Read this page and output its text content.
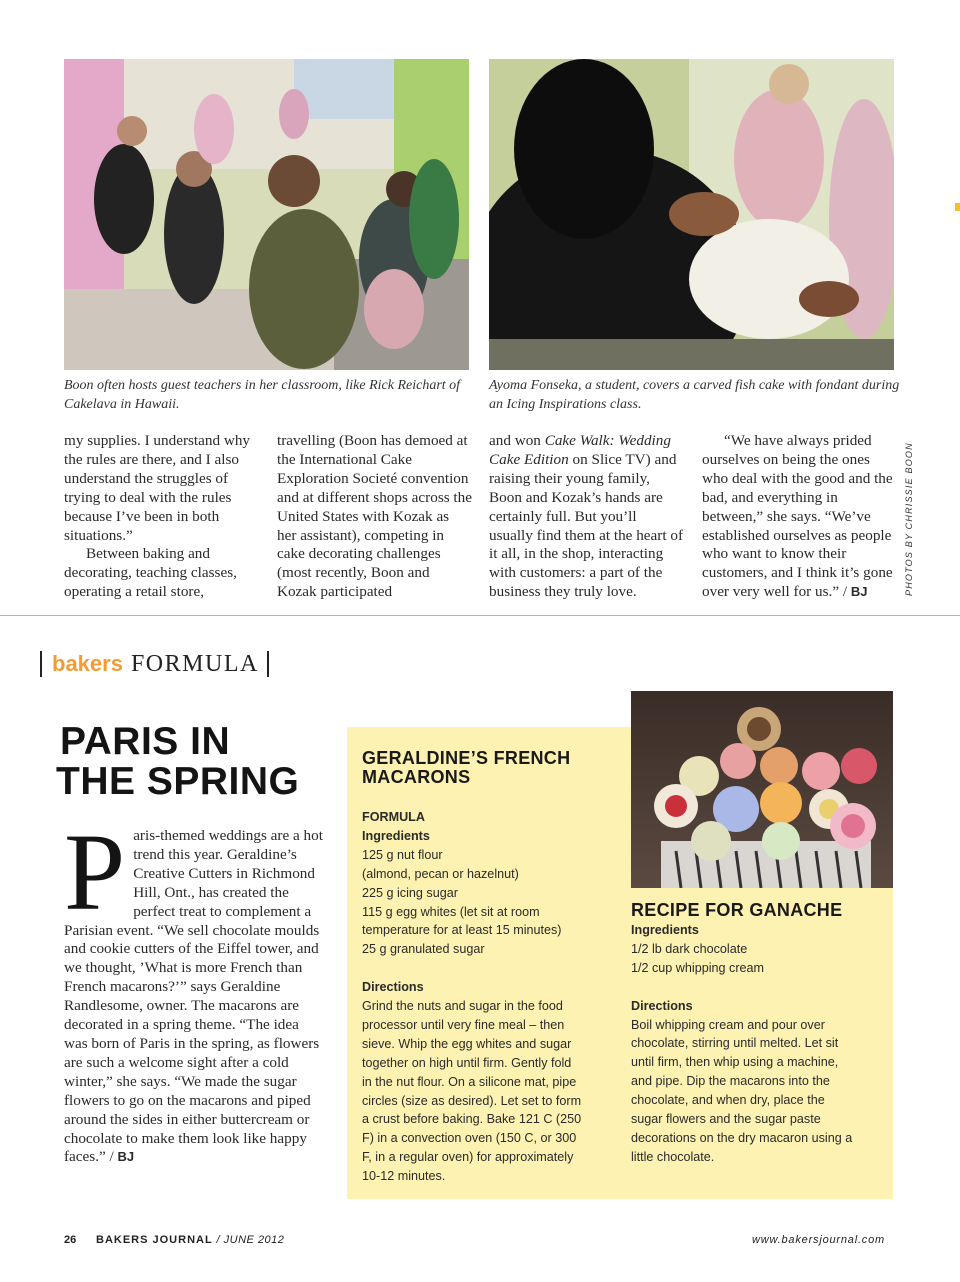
Boon often hosts guest teachers in her classroom, like Rick Reichart of Cakelava in Hawaii.
Ayoma Fonseka, a student, covers a carved fish cake with fondant during an Icing Inspirations class.

my supplies. I understand why the rules are there, and I also understand the struggles of trying to deal with the rules because I’ve been in both situations.”

Between baking and decorating, teaching classes, operating a retail store,

travelling (Boon has demoed at the International Cake Exploration Societé convention and at different shops across the United States with Kozak as her assistant), competing in cake decorating challenges (most recently, Boon and Kozak participated

and won Cake Walk: Wedding Cake Edition on Slice TV) and raising their young family, Boon and Kozak’s hands are certainly full. But you’ll usually find them at the heart of it all, in the shop, interacting with customers: a part of the business they truly love.

“We have always prided ourselves on being the ones who deal with the good and the bad, and everything in between,” she says. “We’ve established ourselves as people who want to know their customers, and I think it’s gone over very well for us.” / BJ	PHOTOS BY CHRISSIE BOON
bakers FORMULA
PARIS IN
THE SPRING
Paris-themed weddings are a hot trend this year. Geraldine’s Creative Cutters in Richmond Hill, Ont., has created the perfect treat to complement a Parisian event. “We sell chocolate moulds and cookie cutters of the Eiffel tower, and we thought, ’What is more French than French macarons?’” says Geraldine Randlesome, owner. The macarons are decorated in a spring theme. “The idea was born of Paris in the spring, as flowers are such a welcome sight after a cold winter,” she says. “We made the sugar flowers to go on the macarons and piped around the sides in either buttercream or chocolate to make them look like happy faces.” / BJ
GERALDINE’S FRENCH
MACARONS
FORMULA
Ingredients
125 g nut flour
(almond, pecan or hazelnut)
225 g icing sugar
115 g egg whites (let sit at room
temperature for at least 15 minutes)
25 g granulated sugar
Directions
Grind the nuts and sugar in the food
processor until very fine meal – then
sieve. Whip the egg whites and sugar
together on high until firm. Gently fold
in the nut flour. On a silicone mat, pipe
circles (size as desired). Let set to form
a crust before baking. Bake 121 C (250
F) in a convection oven (150 C, or 300
F, in a regular oven) for approximately
10-12 minutes.
RECIPE FOR GANACHE
Ingredients
1/2 lb dark chocolate
1/2 cup whipping cream
Directions
Boil whipping cream and pour over
chocolate, stirring until melted. Let sit
until firm, then whip using a machine,
and pipe. Dip the macarons into the
chocolate, and when dry, place the
sugar flowers and the sugar paste
decorations on the dry macaron using a
little chocolate.
26 BAKERS JOURNAL / JUNE 2012	www.bakersjournal.com
